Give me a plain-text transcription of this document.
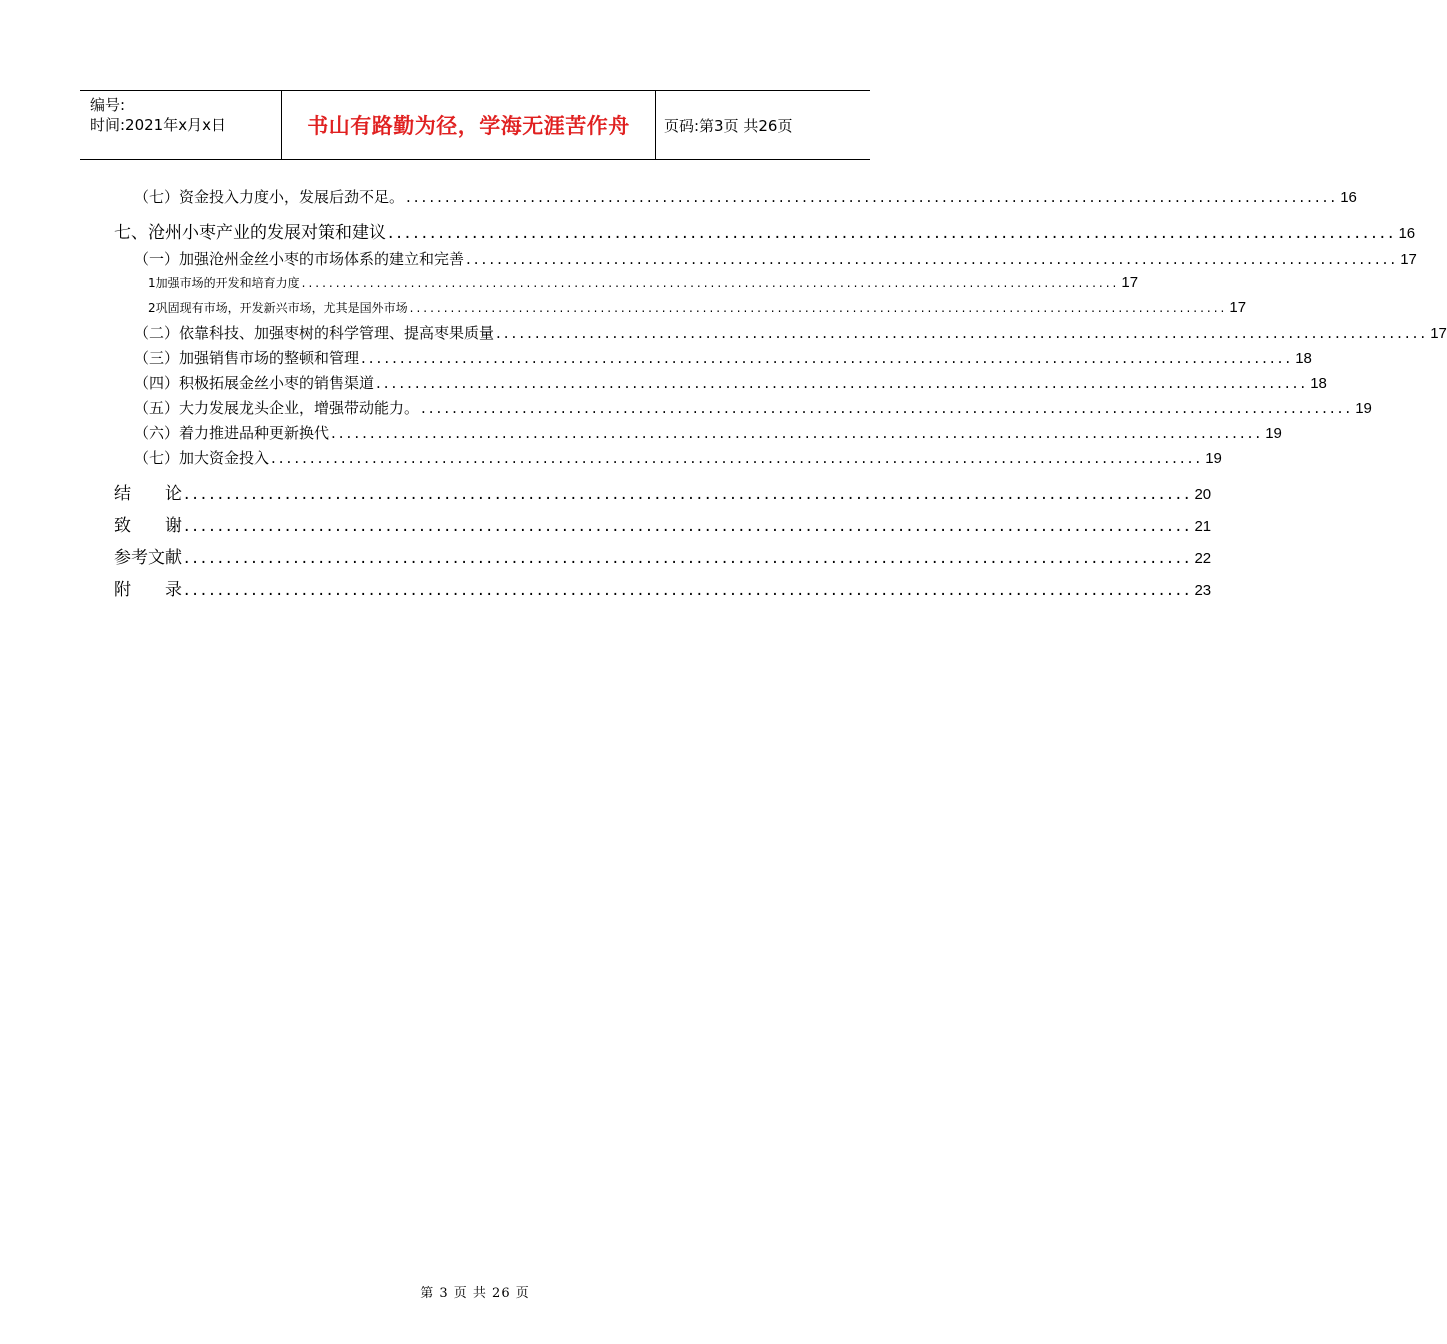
编号:
时间:2021年x月x日	书山有路勤为径，学海无涯苦作舟 页码:第3页 共26页
（七）资金投入力度小，发展后劲不足。 ........................................................................................................................ 16
七、沧州小枣产业的发展对策和建议 ........................................................................................................................ 16
（一）加强沧州金丝小枣的市场体系的建立和完善 ........................................................................................................................ 17
1加强市场的开发和培育力度 ........................................................................................................................ 17
2巩固现有市场，开发新兴市场，尤其是国外市场 ........................................................................................................................ 17
（二）依靠科技、加强枣树的科学管理、提高枣果质量 ........................................................................................................................ 17
（三）加强销售市场的整顿和管理 ........................................................................................................................ 18
（四）积极拓展金丝小枣的销售渠道 ........................................................................................................................ 18
（五）大力发展龙头企业，增强带动能力。 ........................................................................................................................ 19
（六）着力推进品种更新换代 ........................................................................................................................ 19
（七）加大资金投入 ........................................................................................................................ 19
结　　论 ........................................................................................................................ 20
致　　谢 ........................................................................................................................ 21
参考文献 ........................................................................................................................ 22
附　　录 ........................................................................................................................ 23
第 3 页 共 26 页
